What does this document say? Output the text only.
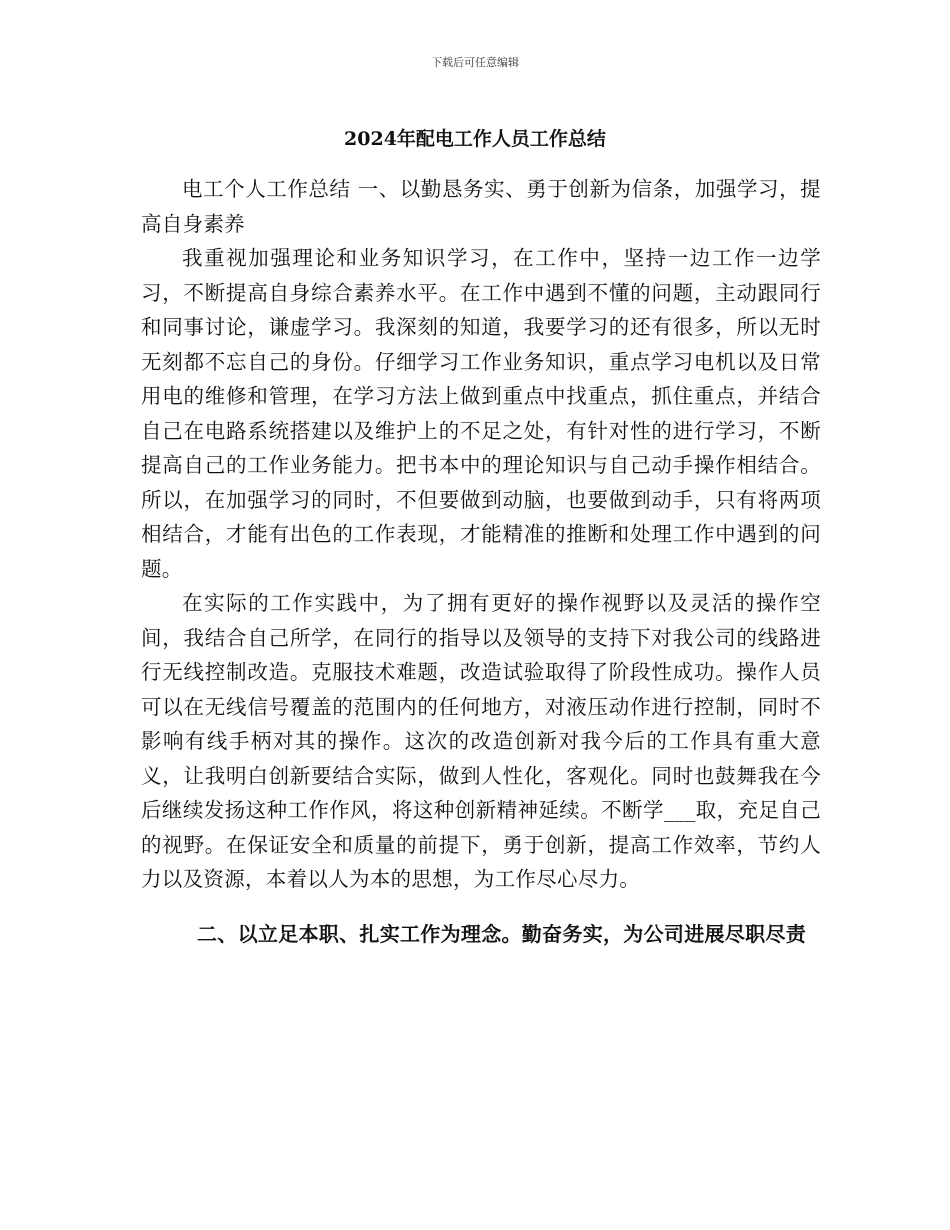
下载后可任意编辑
2024年配电工作人员工作总结

电工个人工作总结 一、以勤恳务实、勇于创新为信条，加强学习，提高自身素养

我重视加强理论和业务知识学习，在工作中，坚持一边工作一边学习，不断提高自身综合素养水平。在工作中遇到不懂的问题，主动跟同行和同事讨论，谦虚学习。我深刻的知道，我要学习的还有很多，所以无时无刻都不忘自己的身份。仔细学习工作业务知识，重点学习电机以及日常用电的维修和管理，在学习方法上做到重点中找重点，抓住重点，并结合自己在电路系统搭建以及维护上的不足之处，有针对性的进行学习，不断提高自己的工作业务能力。把书本中的理论知识与自己动手操作相结合。所以，在加强学习的同时，不但要做到动脑，也要做到动手，只有将两项相结合，才能有出色的工作表现，才能精准的推断和处理工作中遇到的问题。

在实际的工作实践中，为了拥有更好的操作视野以及灵活的操作空间，我结合自己所学，在同行的指导以及领导的支持下对我公司的线路进行无线控制改造。克服技术难题，改造试验取得了阶段性成功。操作人员可以在无线信号覆盖的范围内的任何地方，对液压动作进行控制，同时不影响有线手柄对其的操作。这次的改造创新对我今后的工作具有重大意义，让我明白创新要结合实际，做到人性化，客观化。同时也鼓舞我在今后继续发扬这种工作作风，将这种创新精神延续。不断学___取，充足自己的视野。在保证安全和质量的前提下，勇于创新，提高工作效率，节约人力以及资源，本着以人为本的思想，为工作尽心尽力。

二、以立足本职、扎实工作为理念。勤奋务实，为公司进展尽职尽责
